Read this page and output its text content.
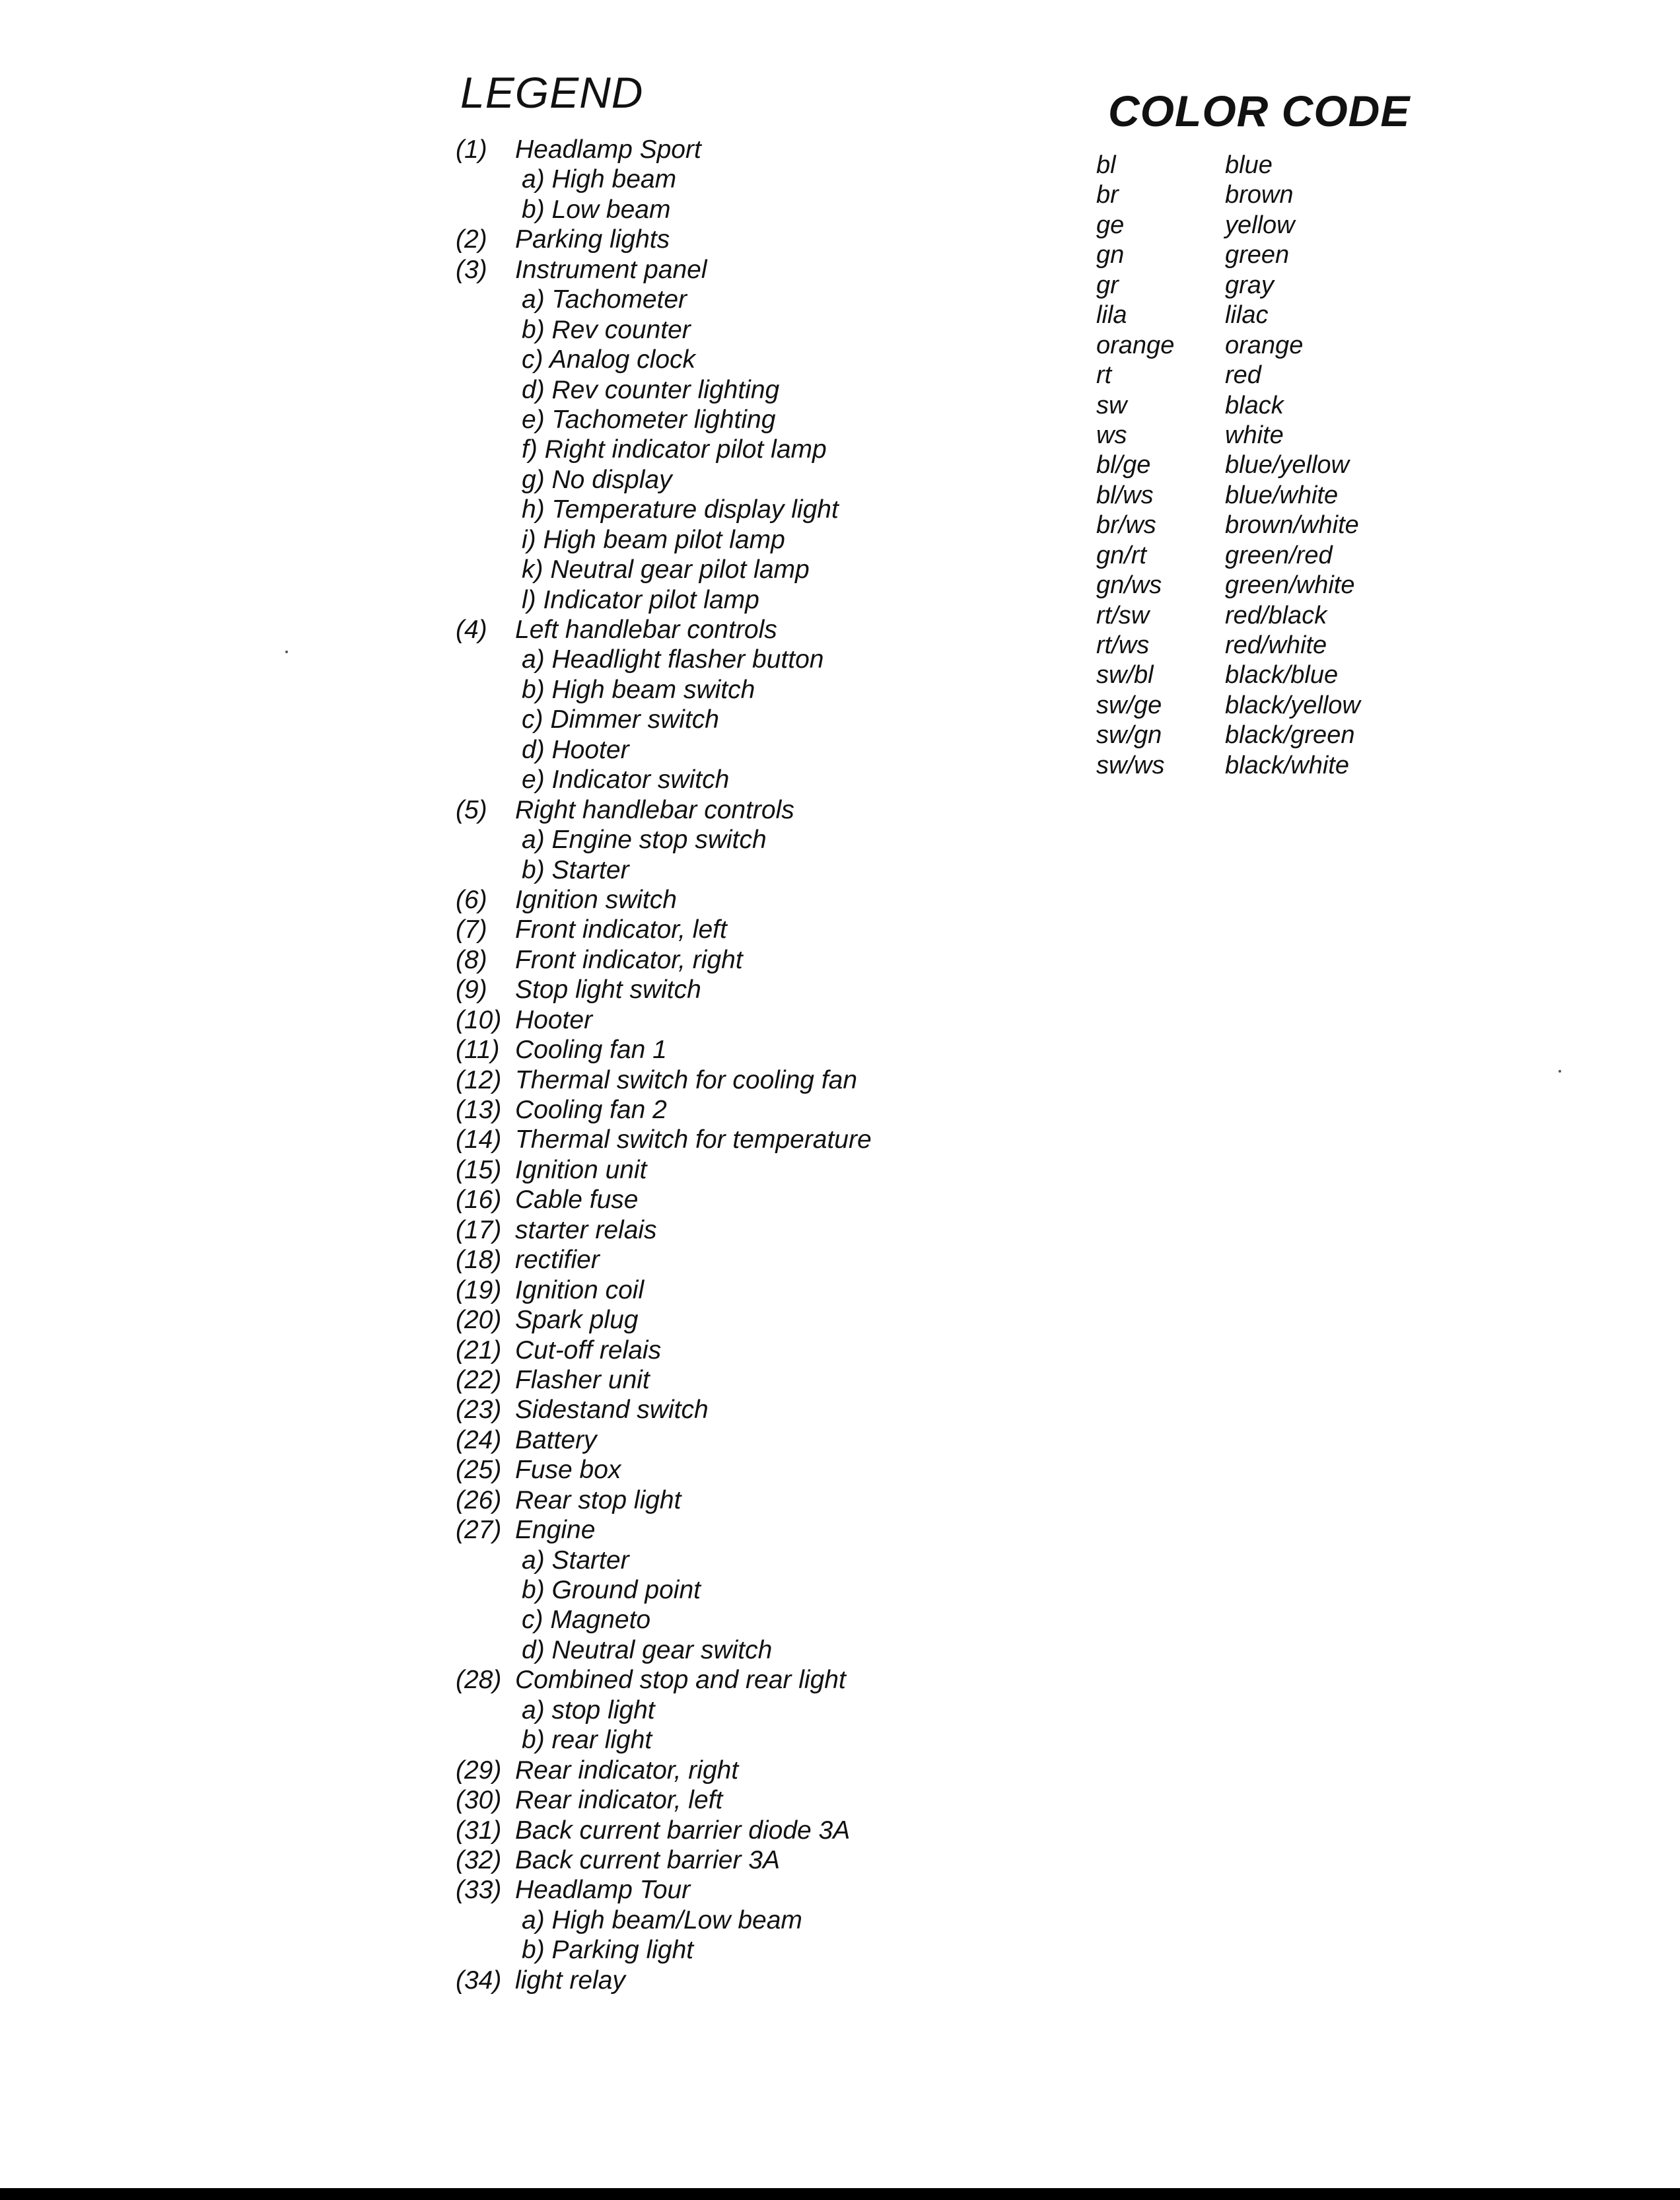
LEGEND
(1) Headlamp Sport
a) High beam
b) Low beam
(2) Parking lights
(3) Instrument panel
a) Tachometer
b) Rev counter
c) Analog clock
d) Rev counter lighting
e) Tachometer lighting
f) Right indicator pilot lamp
g) No display
h) Temperature display light
i) High beam pilot lamp
k) Neutral gear pilot lamp
l) Indicator pilot lamp
(4) Left handlebar controls
a) Headlight flasher button
b) High beam switch
c) Dimmer switch
d) Hooter
e) Indicator switch
(5) Right handlebar controls
a) Engine stop switch
b) Starter
(6) Ignition switch
(7) Front indicator, left
(8) Front indicator, right
(9) Stop light switch
(10) Hooter
(11) Cooling fan 1
(12) Thermal switch for cooling fan
(13) Cooling fan 2
(14) Thermal switch for temperature
(15) Ignition unit
(16) Cable fuse
(17) starter relais
(18) rectifier
(19) Ignition coil
(20) Spark plug
(21) Cut-off relais
(22) Flasher unit
(23) Sidestand switch
(24) Battery
(25) Fuse box
(26) Rear stop light
(27) Engine
a) Starter
b) Ground point
c) Magneto
d) Neutral gear switch
(28) Combined stop and rear light
a) stop light
b) rear light
(29) Rear indicator, right
(30) Rear indicator, left
(31) Back current barrier diode 3A
(32) Back current barrier 3A
(33) Headlamp Tour
a) High beam/Low beam
b) Parking light
(34) light relay
COLOR CODE
bl	blue
br	brown
ge	yellow
gn	green
gr	gray
lila	lilac
orange orange
rt	red
sw	black
ws	white
bl/ge	blue/yellow
bl/ws	blue/white
br/ws	brown/white
gn/rt	green/red
gn/ws	green/white
rt/sw	red/black
rt/ws	red/white
sw/bl	black/blue
sw/ge	black/yellow
sw/gn	black/green
sw/ws black/white
